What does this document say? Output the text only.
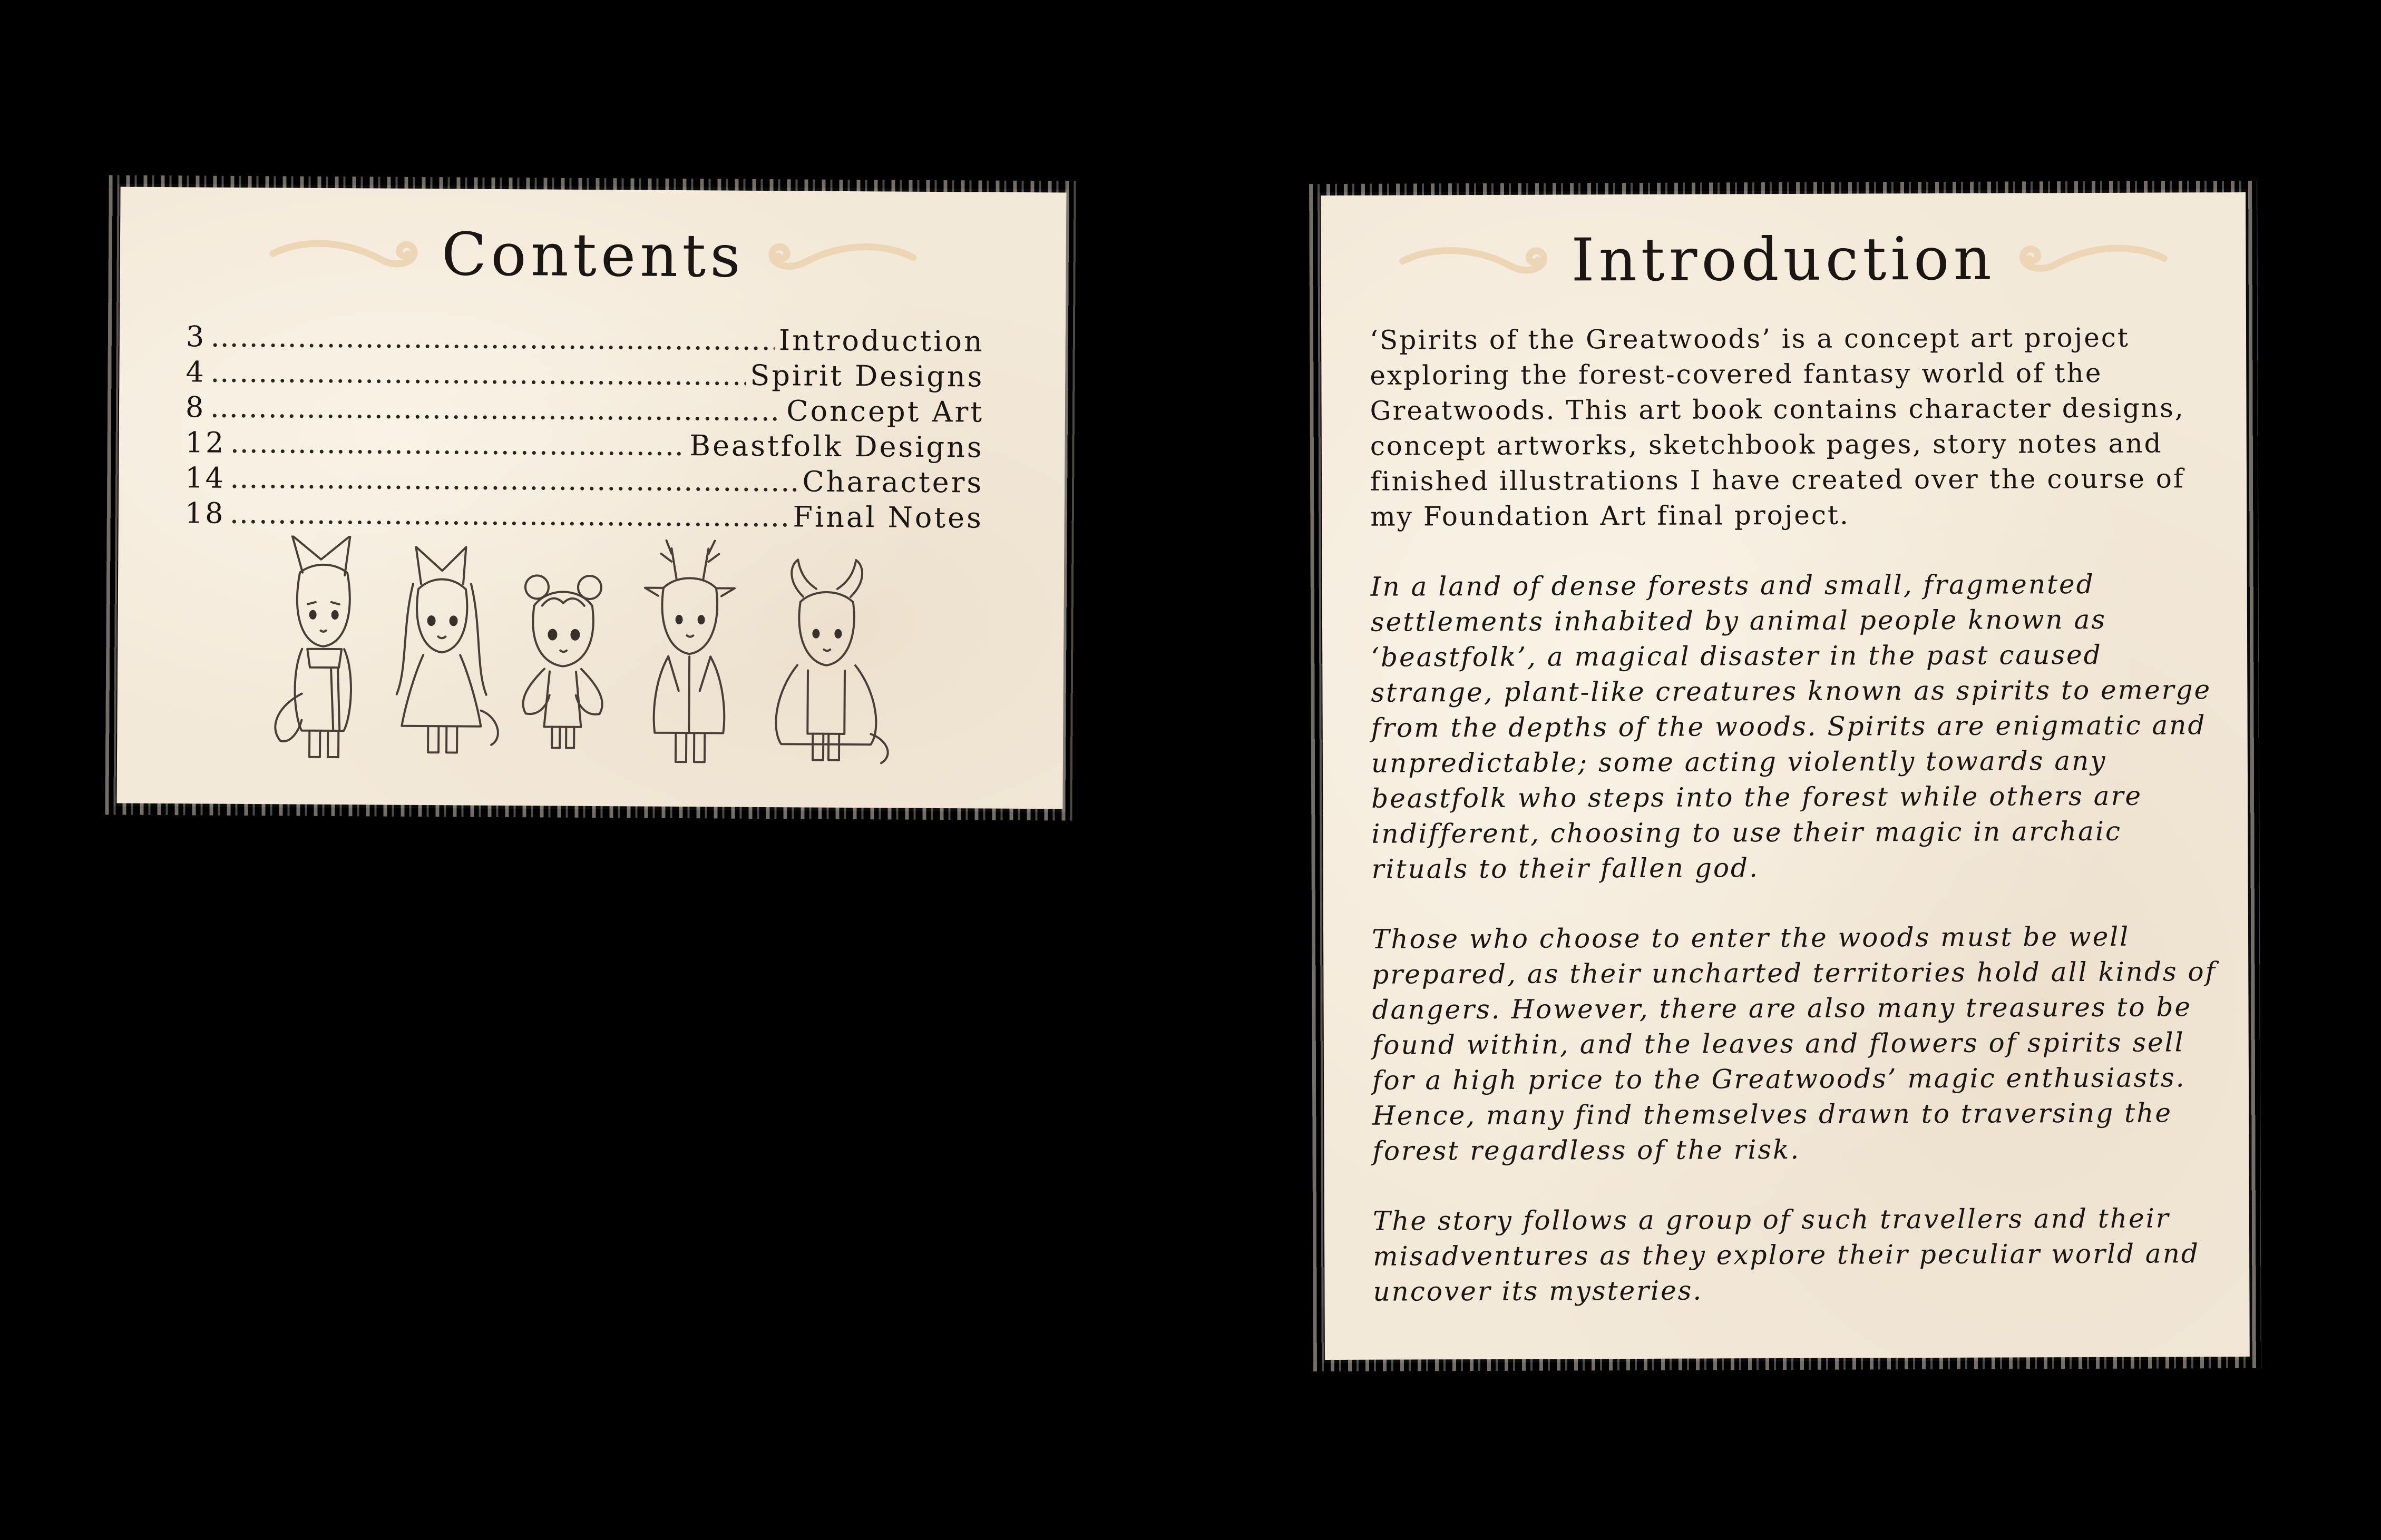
Contents
3 ……………………………………………………………………………………………………………	Introduction
4 ……………………………………………………………………………………………………………	Spirit Designs
8 ……………………………………………………………………………………………………………	Concept Art
12 ……………………………………………………………………………………………………………	Beastfolk Designs
14 ……………………………………………………………………………………………………………	Characters
18 ……………………………………………………………………………………………………………	Final Notes
Introduction

‘Spirits of the Greatwoods’ is a concept art project exploring the forest-covered fantasy world of the Greatwoods. This art book contains character designs, concept artworks, sketchbook pages, story notes and finished illustrations I have created over the course of my Foundation Art final project.

In a land of dense forests and small, fragmented settlements inhabited by animal people known as ‘beastfolk’, a magical disaster in the past caused strange, plant-like creatures known as spirits to emerge from the depths of the woods. Spirits are enigmatic and unpredictable; some acting violently towards any beastfolk who steps into the forest while others are indifferent, choosing to use their magic in archaic rituals to their fallen god.

Those who choose to enter the woods must be well prepared, as their uncharted territories hold all kinds of dangers. However, there are also many treasures to be found within, and the leaves and flowers of spirits sell for a high price to the Greatwoods’ magic enthusiasts. Hence, many find themselves drawn to traversing the forest regardless of the risk.

The story follows a group of such travellers and their misadventures as they explore their peculiar world and uncover its mysteries.
